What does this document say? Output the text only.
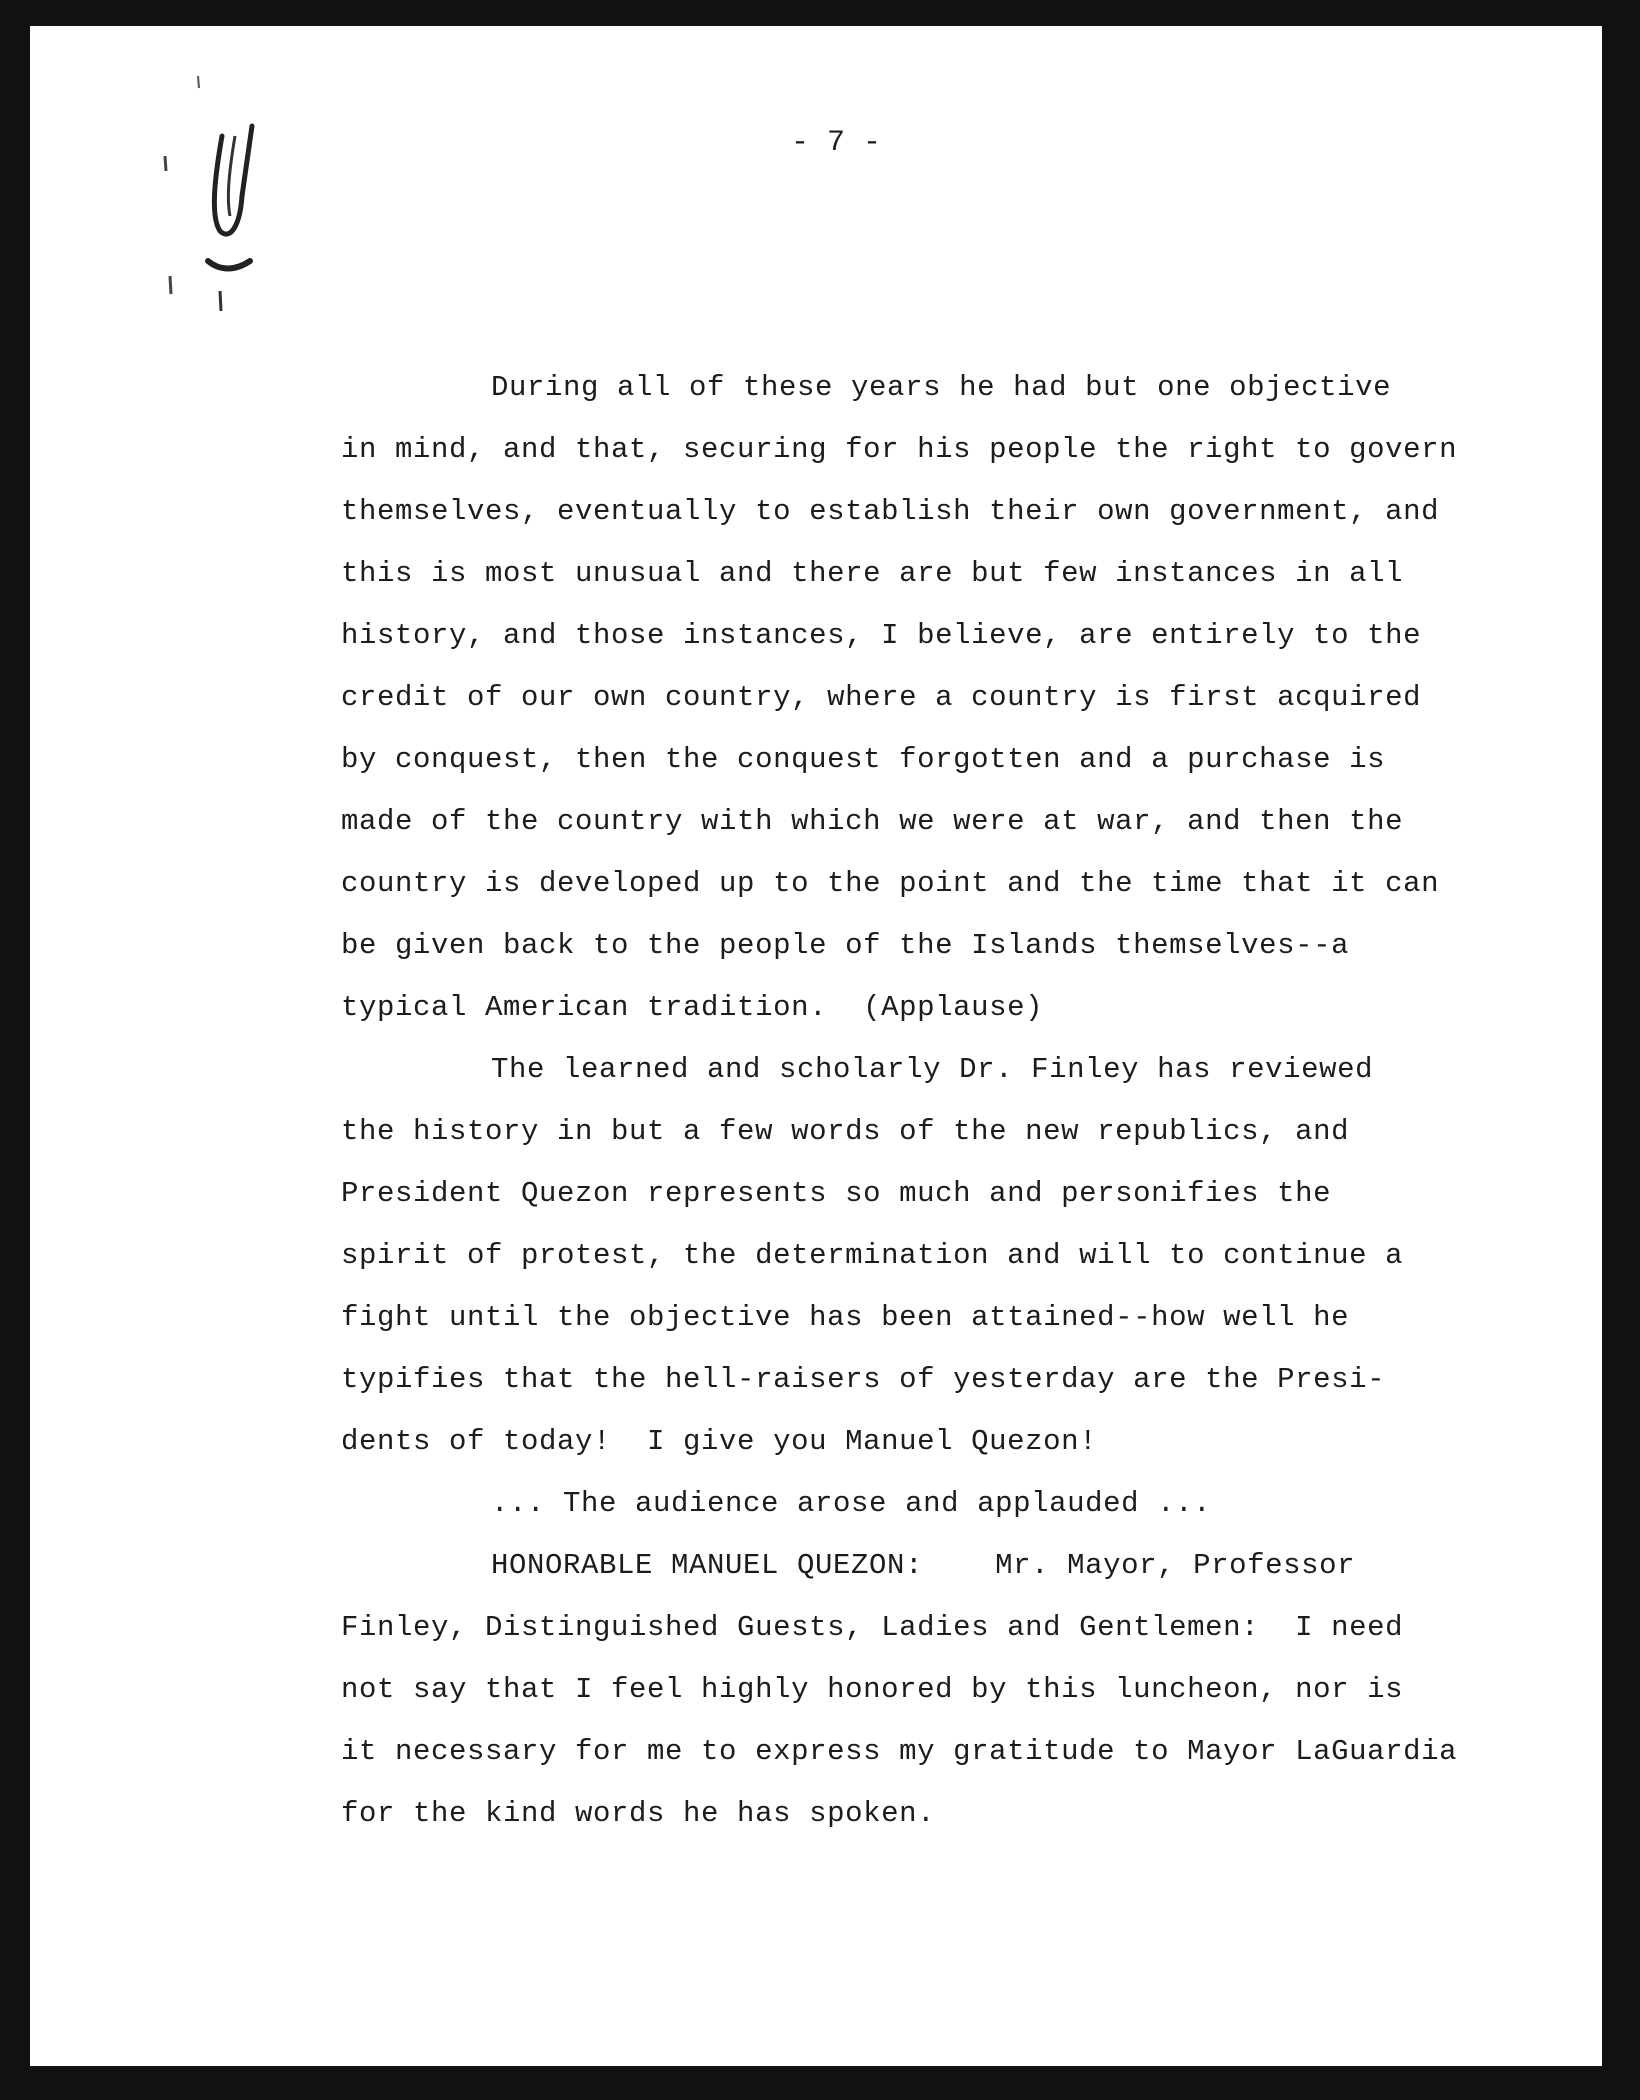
- 7 -
During all of these years he had but one objective
in mind, and that, securing for his people the right to govern
themselves, eventually to establish their own government, and
this is most unusual and there are but few instances in all
history, and those instances, I believe, are entirely to the
credit of our own country, where a country is first acquired
by conquest, then the conquest forgotten and a purchase is
made of the country with which we were at war, and then the
country is developed up to the point and the time that it can
be given back to the people of the Islands themselves--a
typical American tradition.  (Applause)
The learned and scholarly Dr. Finley has reviewed
the history in but a few words of the new republics, and
President Quezon represents so much and personifies the
spirit of protest, the determination and will to continue a
fight until the objective has been attained--how well he
typifies that the hell-raisers of yesterday are the Presi-
dents of today!  I give you Manuel Quezon!
... The audience arose and applauded ...
HONORABLE MANUEL QUEZON:    Mr. Mayor, Professor
Finley, Distinguished Guests, Ladies and Gentlemen:  I need
not say that I feel highly honored by this luncheon, nor is
it necessary for me to express my gratitude to Mayor LaGuardia
for the kind words he has spoken.
